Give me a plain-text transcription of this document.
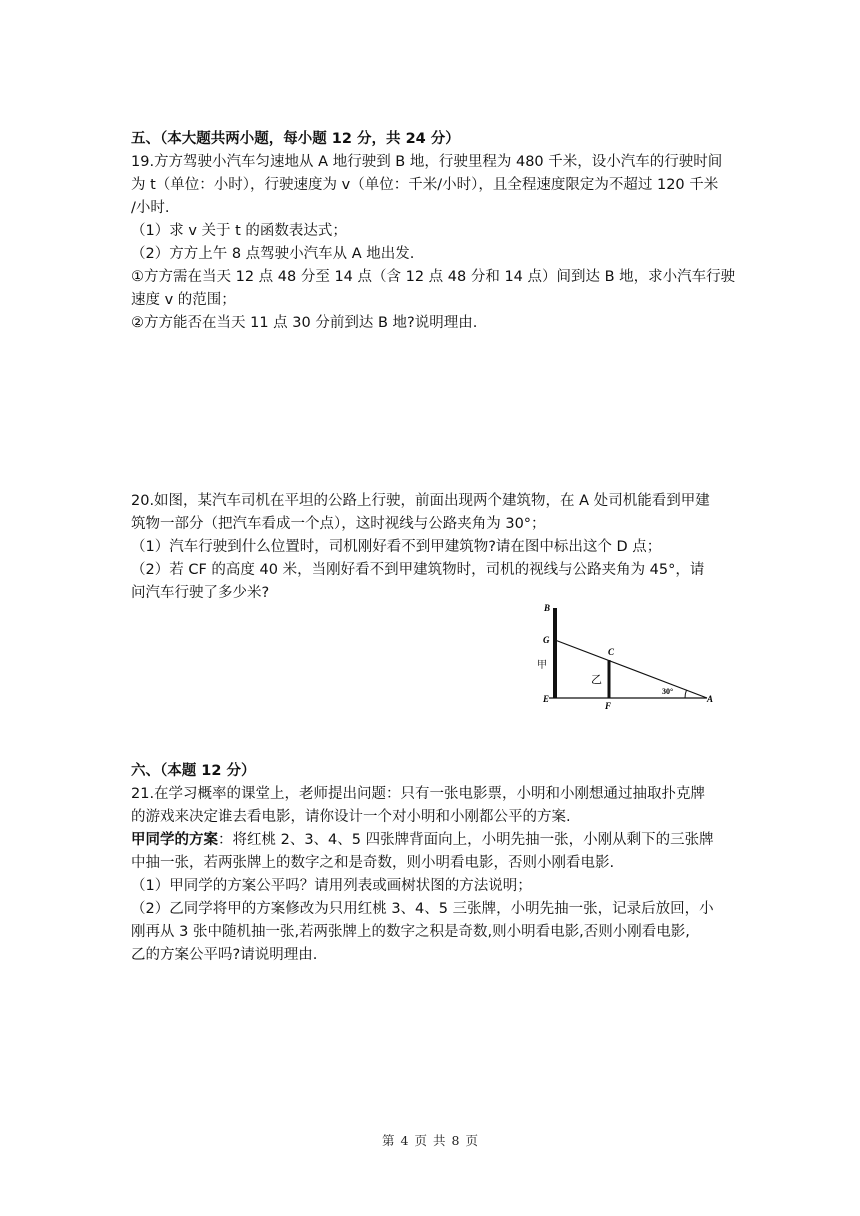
五、（本大题共两小题，每小题 12 分，共 24 分）
19.方方驾驶小汽车匀速地从 A 地行驶到 B 地，行驶里程为 480 千米，设小汽车的行驶时间
为 t（单位：小时），行驶速度为 v（单位：千米/小时），且全程速度限定为不超过 120 千米
/小时.
（1）求 v 关于 t 的函数表达式；
（2）方方上午 8 点驾驶小汽车从 A 地出发.
①方方需在当天 12 点 48 分至 14 点（含 12 点 48 分和 14 点）间到达 B 地，求小汽车行驶
速度 v 的范围；
②方方能否在当天 11 点 30 分前到达 B 地?说明理由.
20.如图，某汽车司机在平坦的公路上行驶，前面出现两个建筑物，在 A 处司机能看到甲建
筑物一部分（把汽车看成一个点），这时视线与公路夹角为 30°；
（1）汽车行驶到什么位置时，司机刚好看不到甲建筑物?请在图中标出这个 D 点；
（2）若 CF 的高度 40 米，当刚好看不到甲建筑物时，司机的视线与公路夹角为 45°，请
问汽车行驶了多少米?
B
G
C
E
F
A
甲
乙
30°
六、（本题 12 分）
21.在学习概率的课堂上，老师提出问题：只有一张电影票，小明和小刚想通过抽取扑克牌
的游戏来决定谁去看电影，请你设计一个对小明和小刚都公平的方案.
甲同学的方案：将红桃 2、3、4、5 四张牌背面向上，小明先抽一张，小刚从剩下的三张牌
中抽一张，若两张牌上的数字之和是奇数，则小明看电影，否则小刚看电影.
（1）甲同学的方案公平吗？请用列表或画树状图的方法说明；
（2）乙同学将甲的方案修改为只用红桃 3、4、5 三张牌，小明先抽一张，记录后放回，小
刚再从 3 张中随机抽一张,若两张牌上的数字之积是奇数,则小明看电影,否则小刚看电影,
乙的方案公平吗?请说明理由.
第 4 页 共 8 页
